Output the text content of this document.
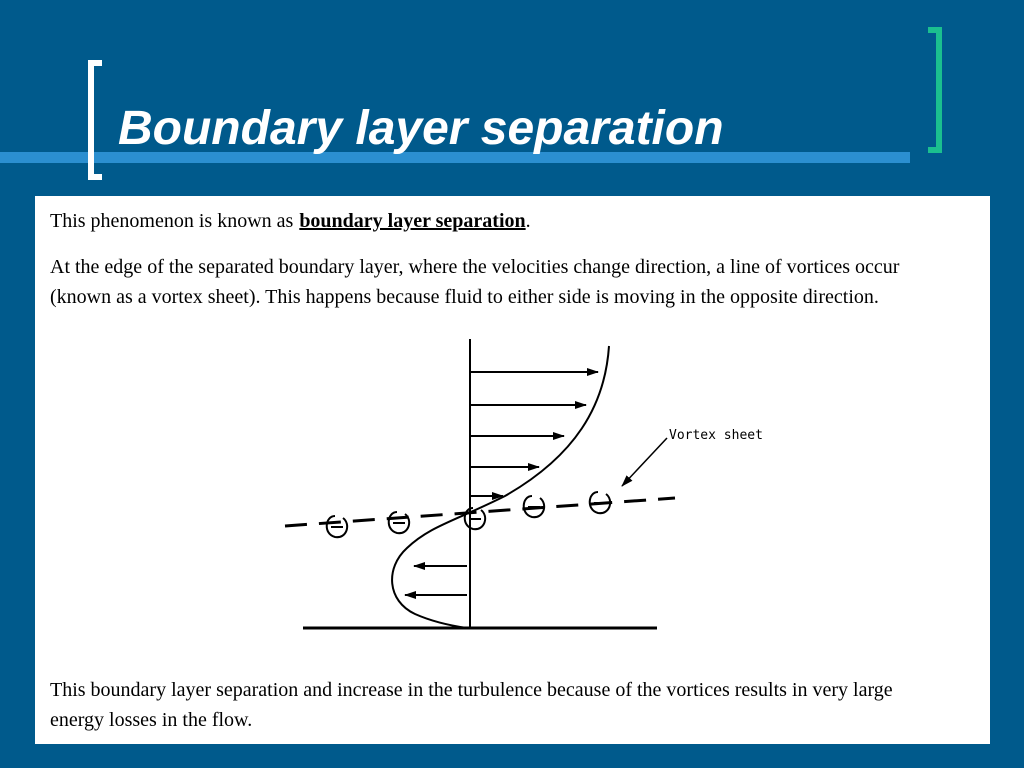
Boundary layer separation

This phenomenon is known as boundary layer separation.

At the edge of the separated boundary layer, where the velocities change direction, a line of vortices occur

(known as a vortex sheet). This happens because fluid to either side is moving in the opposite direction.

Vortex sheet

This boundary layer separation and increase in the turbulence because of the vortices results in very large

energy losses in the flow.
